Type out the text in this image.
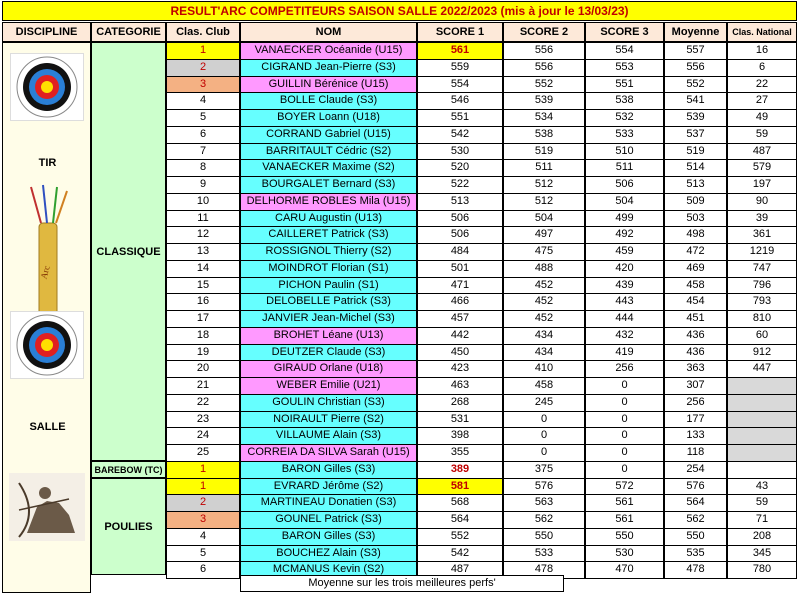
RESULT'ARC COMPETITEURS SAISON SALLE 2022/2023 (mis à jour le 13/03/23)
DISCIPLINE	CATEGORIE	Clas. Club	NOM	SCORE 1	SCORE 2	SCORE 3	Moyenne	Clas. National
TIR
Arc
SALLE
CLASSIQUE
BAREBOW (TC)
POULIES
1	VANAECKER Océanide (U15)	561	556	554	557	16
2	CIGRAND Jean-Pierre (S3)	559	556	553	556	6
3	GUILLIN Bérénice (U15)	554	552	551	552	22
4	BOLLE Claude (S3)	546	539	538	541	27
5	BOYER Loann (U18)	551	534	532	539	49
6	CORRAND Gabriel (U15)	542	538	533	537	59
7	BARRITAULT Cédric (S2)	530	519	510	519	487
8	VANAECKER Maxime (S2)	520	511	511	514	579
9	BOURGALET Bernard (S3)	522	512	506	513	197
10	DELHORME ROBLES Mila (U15)	513	512	504	509	90
11	CARU Augustin (U13)	506	504	499	503	39
12	CAILLERET Patrick (S3)	506	497	492	498	361
13	ROSSIGNOL Thierry (S2)	484	475	459	472	1219
14	MOINDROT Florian (S1)	501	488	420	469	747
15	PICHON Paulin (S1)	471	452	439	458	796
16	DELOBELLE Patrick (S3)	466	452	443	454	793
17	JANVIER Jean-Michel (S3)	457	452	444	451	810
18	BROHET Léane (U13)	442	434	432	436	60
19	DEUTZER Claude (S3)	450	434	419	436	912
20	GIRAUD Orlane (U18)	423	410	256	363	447
21	WEBER Emilie (U21)	463	458	0	307
22	GOULIN Christian (S3)	268	245	0	256
23	NOIRAULT Pierre (S2)	531	0	0	177
24	VILLAUME Alain (S3)	398	0	0	133
25	CORREIA DA SILVA Sarah (U15)	355	0	0	118
1	BARON Gilles (S3)	389	375	0	254
1	EVRARD Jérôme (S2)	581	576	572	576	43
2	MARTINEAU Donatien (S3)	568	563	561	564	59
3	GOUNEL Patrick (S3)	564	562	561	562	71
4	BARON Gilles (S3)	552	550	550	550	208
5	BOUCHEZ Alain (S3)	542	533	530	535	345
6	MCMANUS Kevin (S2)	487	478	470	478	780
Moyenne sur les trois meilleures perfs'
